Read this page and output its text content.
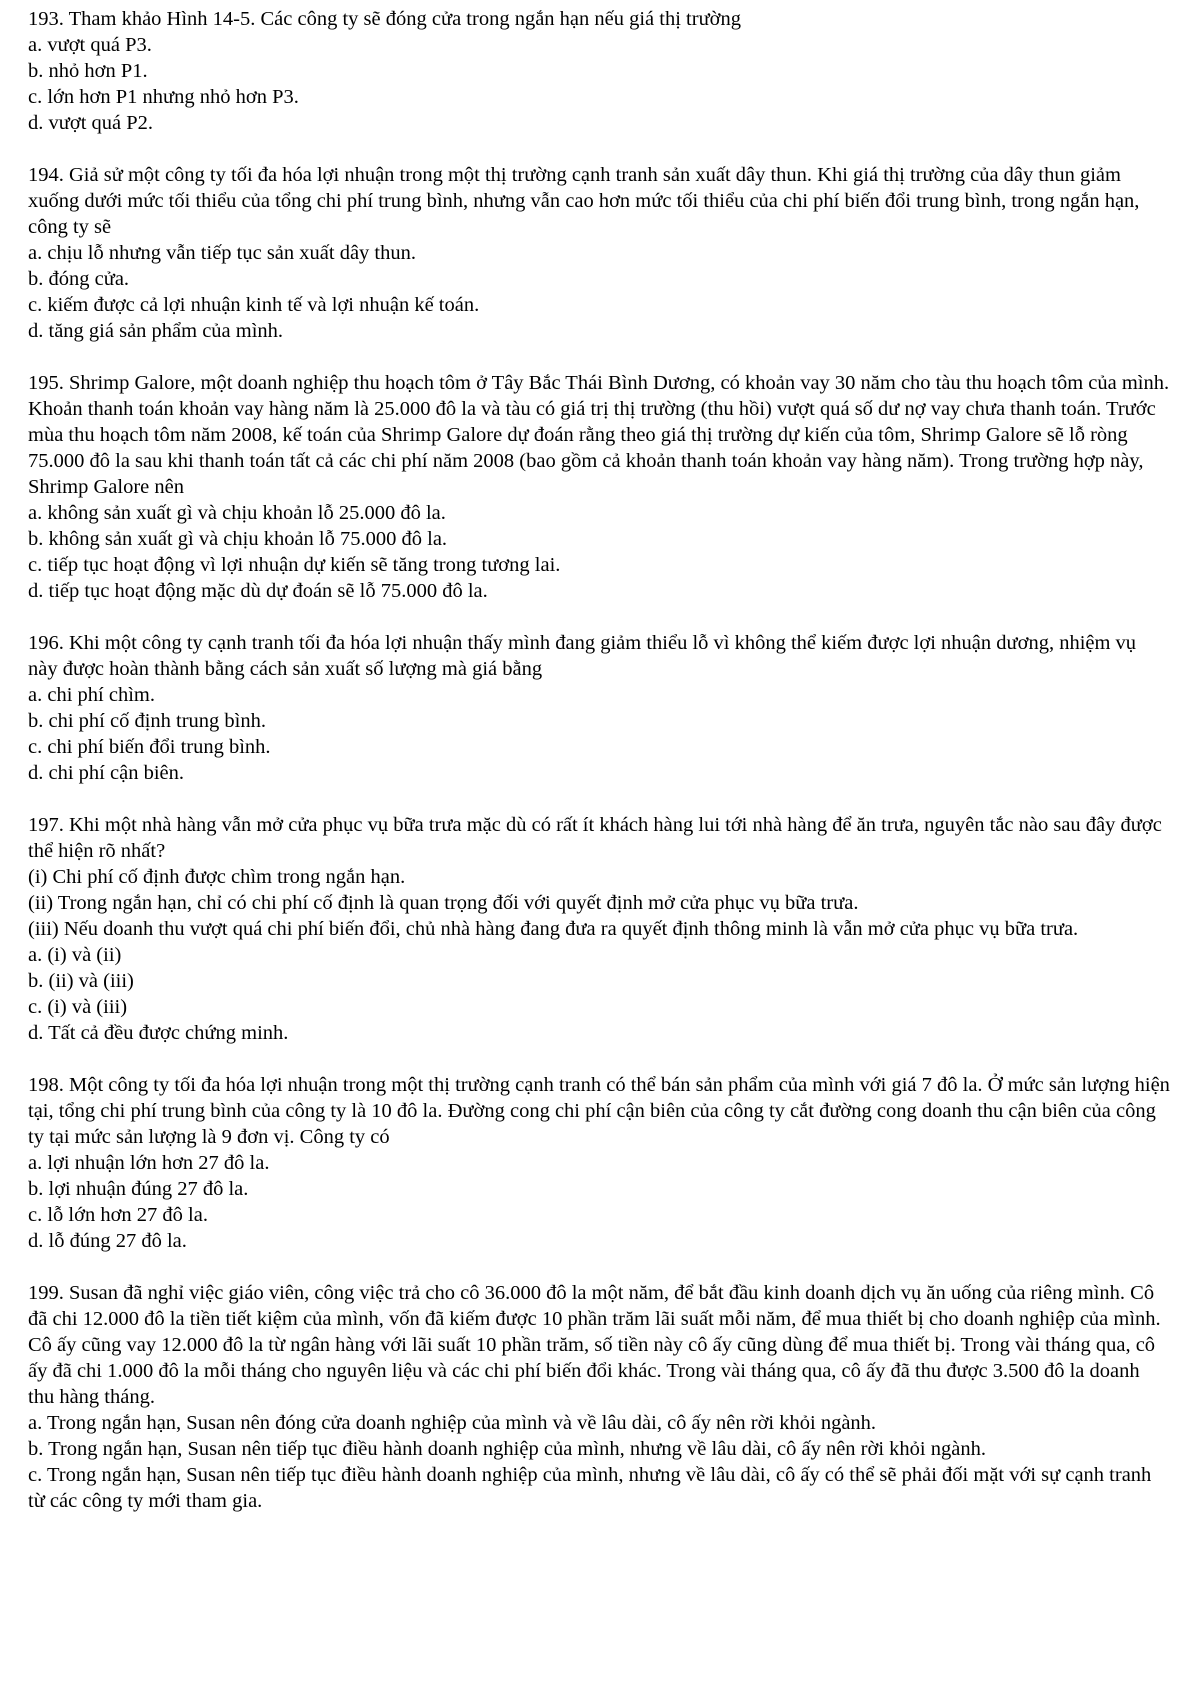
193. Tham khảo Hình 14-5. Các công ty sẽ đóng cửa trong ngắn hạn nếu giá thị trường
a. vượt quá P3.
b. nhỏ hơn P1.
c. lớn hơn P1 nhưng nhỏ hơn P3.
d. vượt quá P2.
194. Giả sử một công ty tối đa hóa lợi nhuận trong một thị trường cạnh tranh sản xuất dây thun. Khi giá thị trường của dây thun giảm xuống dưới mức tối thiểu của tổng chi phí trung bình, nhưng vẫn cao hơn mức tối thiểu của chi phí biến đổi trung bình, trong ngắn hạn, công ty sẽ
a. chịu lỗ nhưng vẫn tiếp tục sản xuất dây thun.
b. đóng cửa.
c. kiếm được cả lợi nhuận kinh tế và lợi nhuận kế toán.
d. tăng giá sản phẩm của mình.
195. Shrimp Galore, một doanh nghiệp thu hoạch tôm ở Tây Bắc Thái Bình Dương, có khoản vay 30 năm cho tàu thu hoạch tôm của mình. Khoản thanh toán khoản vay hàng năm là 25.000 đô la và tàu có giá trị thị trường (thu hồi) vượt quá số dư nợ vay chưa thanh toán. Trước mùa thu hoạch tôm năm 2008, kế toán của Shrimp Galore dự đoán rằng theo giá thị trường dự kiến của tôm, Shrimp Galore sẽ lỗ ròng 75.000 đô la sau khi thanh toán tất cả các chi phí năm 2008 (bao gồm cả khoản thanh toán khoản vay hàng năm). Trong trường hợp này, Shrimp Galore nên
a. không sản xuất gì và chịu khoản lỗ 25.000 đô la.
b. không sản xuất gì và chịu khoản lỗ 75.000 đô la.
c. tiếp tục hoạt động vì lợi nhuận dự kiến sẽ tăng trong tương lai.
d. tiếp tục hoạt động mặc dù dự đoán sẽ lỗ 75.000 đô la.
196. Khi một công ty cạnh tranh tối đa hóa lợi nhuận thấy mình đang giảm thiểu lỗ vì không thể kiếm được lợi nhuận dương, nhiệm vụ này được hoàn thành bằng cách sản xuất số lượng mà giá bằng
a. chi phí chìm.
b. chi phí cố định trung bình.
c. chi phí biến đổi trung bình.
d. chi phí cận biên.
197. Khi một nhà hàng vẫn mở cửa phục vụ bữa trưa mặc dù có rất ít khách hàng lui tới nhà hàng để ăn trưa, nguyên tắc nào sau đây được thể hiện rõ nhất?
(i) Chi phí cố định được chìm trong ngắn hạn.
(ii) Trong ngắn hạn, chỉ có chi phí cố định là quan trọng đối với quyết định mở cửa phục vụ bữa trưa.
(iii) Nếu doanh thu vượt quá chi phí biến đổi, chủ nhà hàng đang đưa ra quyết định thông minh là vẫn mở cửa phục vụ bữa trưa.
a. (i) và (ii)
b. (ii) và (iii)
c. (i) và (iii)
d. Tất cả đều được chứng minh.
198. Một công ty tối đa hóa lợi nhuận trong một thị trường cạnh tranh có thể bán sản phẩm của mình với giá 7 đô la. Ở mức sản lượng hiện tại, tổng chi phí trung bình của công ty là 10 đô la. Đường cong chi phí cận biên của công ty cắt đường cong doanh thu cận biên của công ty tại mức sản lượng là 9 đơn vị. Công ty có
a. lợi nhuận lớn hơn 27 đô la.
b. lợi nhuận đúng 27 đô la.
c. lỗ lớn hơn 27 đô la.
d. lỗ đúng 27 đô la.
199. Susan đã nghỉ việc giáo viên, công việc trả cho cô 36.000 đô la một năm, để bắt đầu kinh doanh dịch vụ ăn uống của riêng mình. Cô đã chi 12.000 đô la tiền tiết kiệm của mình, vốn đã kiếm được 10 phần trăm lãi suất mỗi năm, để mua thiết bị cho doanh nghiệp của mình. Cô ấy cũng vay 12.000 đô la từ ngân hàng với lãi suất 10 phần trăm, số tiền này cô ấy cũng dùng để mua thiết bị. Trong vài tháng qua, cô ấy đã chi 1.000 đô la mỗi tháng cho nguyên liệu và các chi phí biến đổi khác. Trong vài tháng qua, cô ấy đã thu được 3.500 đô la doanh thu hàng tháng.
a. Trong ngắn hạn, Susan nên đóng cửa doanh nghiệp của mình và về lâu dài, cô ấy nên rời khỏi ngành.
b. Trong ngắn hạn, Susan nên tiếp tục điều hành doanh nghiệp của mình, nhưng về lâu dài, cô ấy nên rời khỏi ngành.
c. Trong ngắn hạn, Susan nên tiếp tục điều hành doanh nghiệp của mình, nhưng về lâu dài, cô ấy có thể sẽ phải đối mặt với sự cạnh tranh từ các công ty mới tham gia.
